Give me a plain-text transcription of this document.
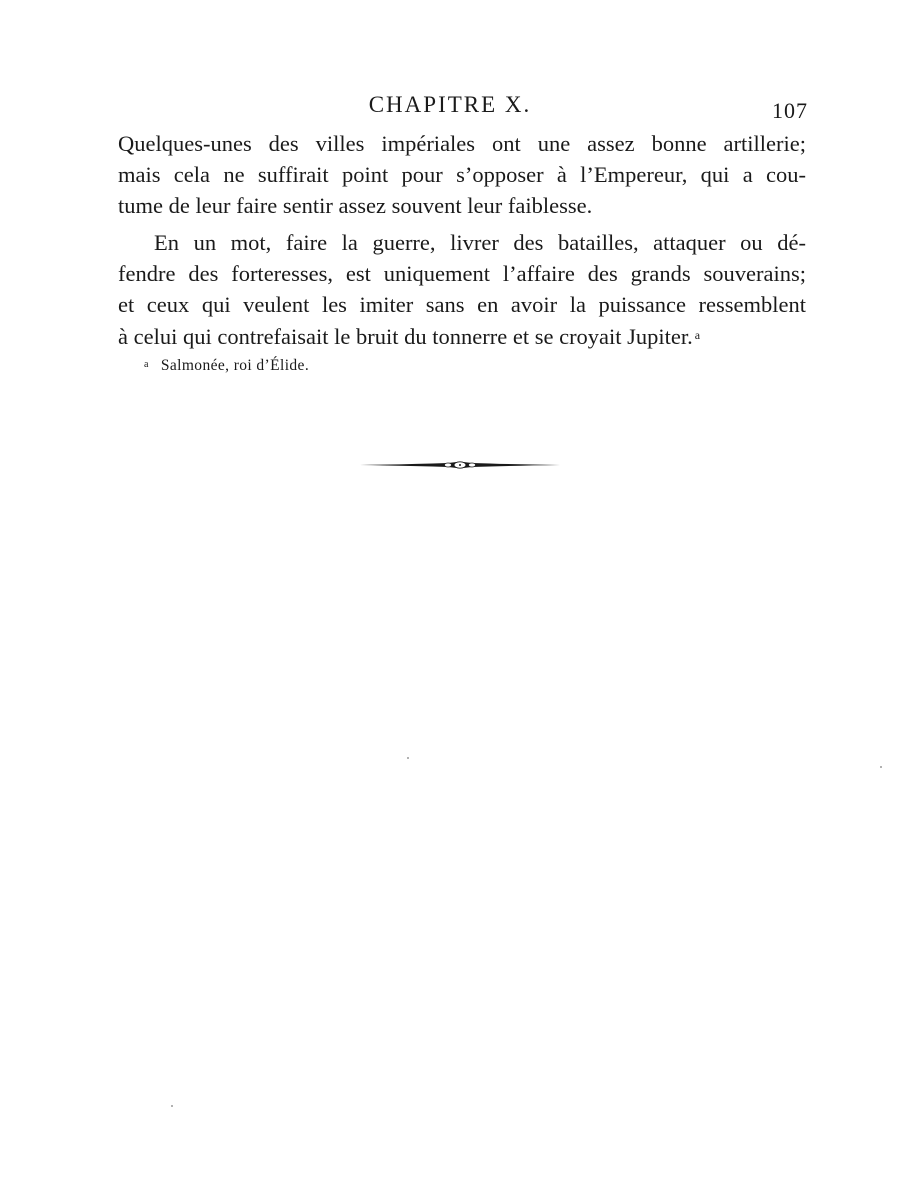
CHAPITRE X.	107

Quelques-unes des villes impériales ont une assez bonne artillerie;
mais cela ne suffirait point pour s’opposer à l’Empereur, qui a cou-
tume de leur faire sentir assez souvent leur faiblesse.

En un mot, faire la guerre, livrer des batailles, attaquer ou dé-
fendre des forteresses, est uniquement l’affaire des grands souverains;
et ceux qui veulent les imiter sans en avoir la puissance ressemblent
à celui qui contrefaisait le bruit du tonnerre et se croyait Jupiter. $^a$

a Salmonée, roi d’Élide.
